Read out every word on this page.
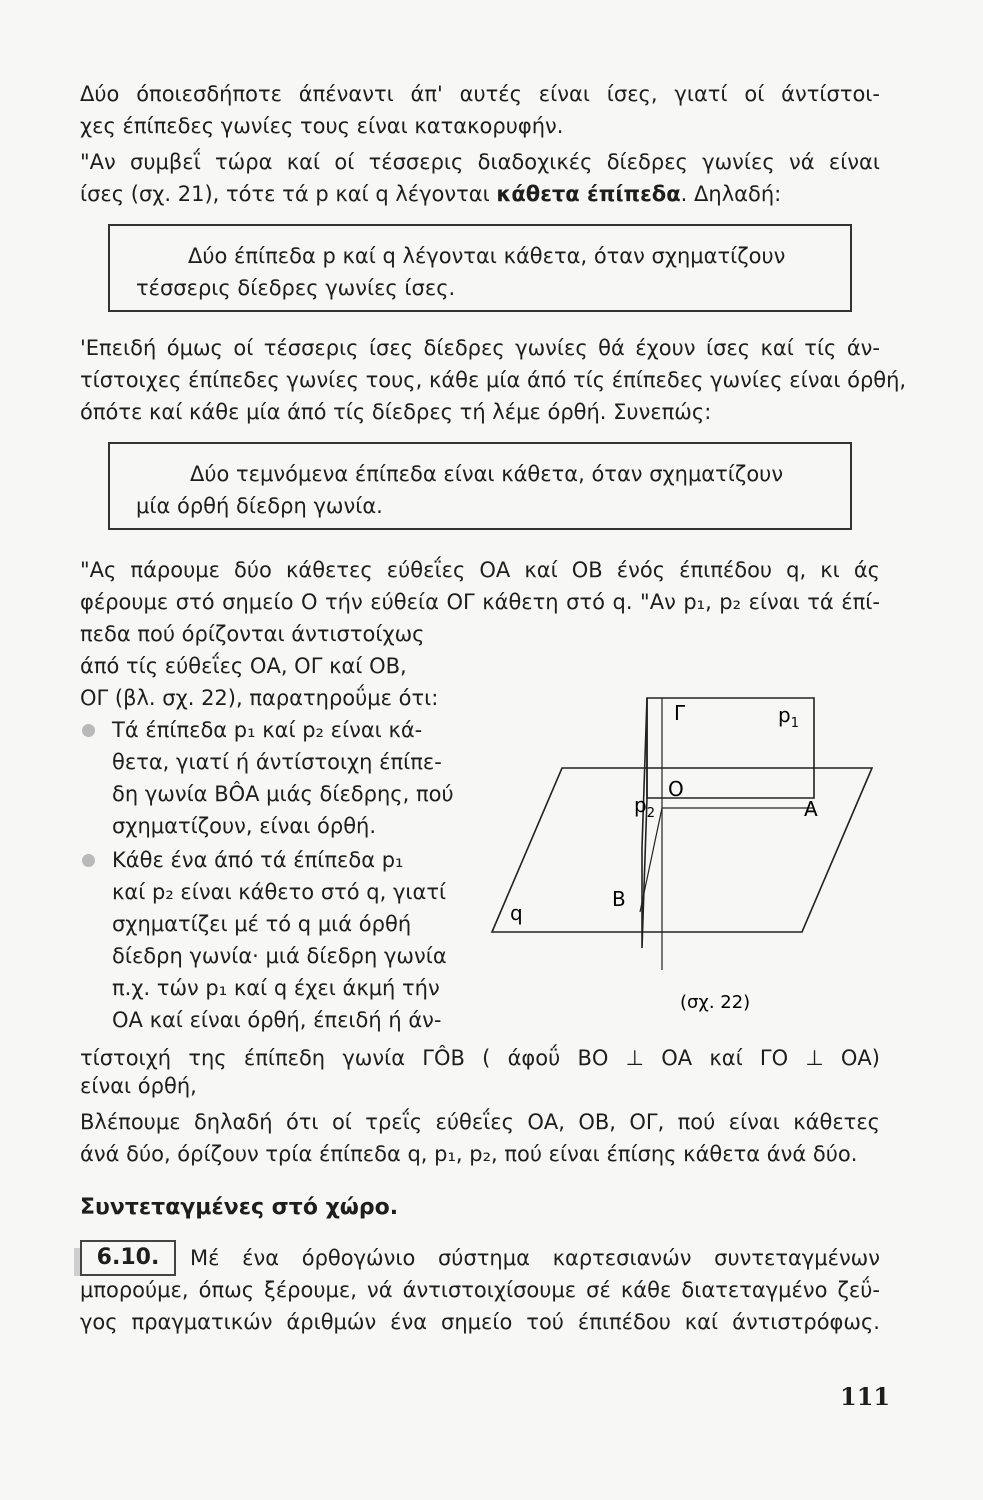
Δύο όποιεσδήποτε άπέναντι άπ' αυτές είναι ίσες, γιατί οί άντίστοι-
χες έπίπεδες γωνίες τους είναι κατακορυφήν.
"Αν συμβεΐ τώρα καί οί τέσσερις διαδοχικές δίεδρες γωνίες νά είναι
ίσες (σχ. 21), τότε τά p καί q λέγονται κάθετα έπίπεδα. Δηλαδή:
Δύο έπίπεδα p καί q λέγονται κάθετα, όταν σχηματίζουν
τέσσερις δίεδρες γωνίες ίσες.
'Επειδή όμως οί τέσσερις ίσες δίεδρες γωνίες θά έχουν ίσες καί τίς άν-
τίστοιχες έπίπεδες γωνίες τους, κάθε μία άπό τίς έπίπεδες γωνίες είναι όρθή,
όπότε καί κάθε μία άπό τίς δίεδρες τή λέμε όρθή. Συνεπώς:
Δύο τεμνόμενα έπίπεδα είναι κάθετα, όταν σχηματίζουν
μία όρθή δίεδρη γωνία.
"Ας πάρουμε δύο κάθετες εύθεΐες ΟΑ καί ΟΒ ένός έπιπέδου q, κι άς
φέρουμε στό σημείο Ο τήν εύθεία ΟΓ κάθετη στό q. "Αν p₁, p₂ είναι τά έπί-
πεδα πού όρίζονται άντιστοίχως
άπό τίς εύθεΐες ΟΑ, ΟΓ καί ΟΒ,
ΟΓ (βλ. σχ. 22), παρατηροΰμε ότι:
Τά έπίπεδα p₁ καί p₂ είναι κά-
θετα, γιατί ή άντίστοιχη έπίπε-
δη γωνία ΒÔΑ μιάς δίεδρης, πού
σχηματίζουν, είναι όρθή.
Κάθε ένα άπό τά έπίπεδα p₁
καί p₂ είναι κάθετο στό q, γιατί
σχηματίζει μέ τό q μιά όρθή
δίεδρη γωνία· μιά δίεδρη γωνία
π.χ. τών p₁ καί q έχει άκμή τήν
ΟΑ καί είναι όρθή, έπειδή ή άν-
Γ	$p_1$
$p_2$
O
A
B
q
(σχ. 22)
τίστοιχή της έπίπεδη γωνία ΓÔΒ ( άφοΰ ΒΟ ⊥ ΟΑ καί ΓΟ ⊥ ΟΑ)
είναι όρθή,
Βλέπουμε δηλαδή ότι οί τρεΐς εύθεΐες ΟΑ, ΟΒ, ΟΓ, πού είναι κάθετες
άνά δύο, όρίζουν τρία έπίπεδα q, p₁, p₂, πού είναι έπίσης κάθετα άνά δύο.
Συντεταγμένες στό χώρο.
6.10.	Μέ ένα όρθογώνιο σύστημα καρτεσιανών συντεταγμένων
μπορούμε, όπως ξέρουμε, νά άντιστοιχίσουμε σέ κάθε διατεταγμένο ζεΰ-
γος πραγματικών άριθμών ένα σημείο τού έπιπέδου καί άντιστρόφως.
111
